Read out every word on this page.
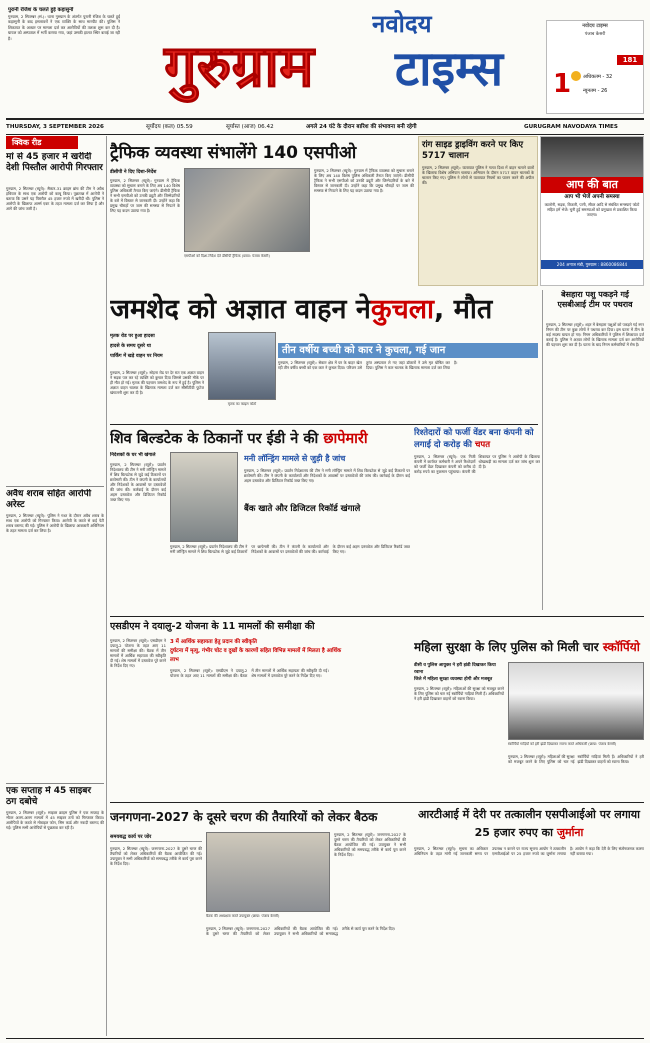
पुरानी रंजिश के चलते हुई कहासुनी
गुरुग्राम, 2 सितम्बर (सं.): थाना गुरुग्राम के अंतर्गत पुरानी रंजिश के चलते हुई कहासुनी के बाद हमलावरों ने एक व्यक्ति के साथ मारपीट की। पुलिस ने शिकायत के आधार पर मामला दर्ज कर आरोपियों की तलाश शुरू कर दी है। घायल को अस्पताल में भर्ती कराया गया, जहां उसकी हालत स्थिर बताई जा रही है।	गुरुग्राम
नवोदय
टाइम्स
नवोदय टाइम्स
पंजाब केसरी
181
1 अधिकतम - 32
न्यूनतम - 26
THURSDAY, 3 SEPTEMBER 2026	सूर्योदय (कल) 05.59	सूर्यास्त (आज) 06.42	अगले 24 घंटे के दौरान बारिश की संभावना बनी रहेगी	GURUGRAM NAVODAYA TIMES
क्विक रीड
मां से 45 हजार में खरीदी देशी पिस्तौल आरोपी गिरफ्तार
गुरुग्राम, 2 सितम्बर (ब्यूरो): सैक्टर-31 क्राइम ब्रांच की टीम ने अवैध हथियार के साथ एक आरोपी को काबू किया। पूछताछ में आरोपी ने बताया कि उसने यह पिस्तौल 45 हजार रुपये में खरीदी थी। पुलिस ने आरोपी के खिलाफ आर्म्स एक्ट के तहत मामला दर्ज कर लिया है और आगे की जांच जारी है।
अवैध शराब सहित आरोपी अरेस्ट
गुरुग्राम, 2 सितम्बर (ब्यूरो): पुलिस ने गश्त के दौरान अवैध शराब के साथ एक आरोपी को गिरफ्तार किया। आरोपी के कब्जे से कई पेटी शराब बरामद की गई। पुलिस ने आरोपी के खिलाफ आबकारी अधिनियम के तहत मामला दर्ज कर लिया है।
एक सप्ताह में 45 साइबर ठग दबोचे
गुरुग्राम, 2 सितम्बर (ब्यूरो): साइबर क्राइम पुलिस ने एक सप्ताह के भीतर अलग-अलग मामलों में 45 साइबर ठगों को गिरफ्तार किया। आरोपियों के कब्जे से मोबाइल फोन, सिम कार्ड और नकदी बरामद की गई। पुलिस सभी आरोपियों से पूछताछ कर रही है।
ट्रैफिक व्यवस्था संभालेंगे 140 एसपीओ
डीसीपी ने दिए दिशा-निर्देश
गुरुग्राम, 2 सितम्बर (ब्यूरो): गुरुग्राम में ट्रैफिक व्यवस्था को सुचारू बनाने के लिए अब 140 विशेष पुलिस अधिकारी तैनात किए जाएंगे। डीसीपी ट्रैफिक ने सभी एसपीओ को उनकी ड्यूटी और जिम्मेदारियों के बारे में विस्तार से जानकारी दी। उन्होंने कहा कि प्रमुख चौराहों पर जाम की समस्या से निपटने के लिए यह कदम उठाया गया है।
एसपीओ को दिशा-निर्देश देते डीसीपी ट्रैफिक (छाया: पंजाब केसरी)
गुरुग्राम, 2 सितम्बर (ब्यूरो): गुरुग्राम में ट्रैफिक व्यवस्था को सुचारू बनाने के लिए अब 140 विशेष पुलिस अधिकारी तैनात किए जाएंगे। डीसीपी ट्रैफिक ने सभी एसपीओ को उनकी ड्यूटी और जिम्मेदारियों के बारे में विस्तार से जानकारी दी। उन्होंने कहा कि प्रमुख चौराहों पर जाम की समस्या से निपटने के लिए यह कदम उठाया गया है।
रांग साइड ड्राइविंग करने पर किए 5717 चालान
गुरुग्राम, 2 सितम्बर (ब्यूरो): यातायात पुलिस ने गलत दिशा में वाहन चलाने वालों के खिलाफ विशेष अभियान चलाया। अभियान के दौरान 5717 वाहन चालकों के चालान किए गए। पुलिस ने लोगों से यातायात नियमों का पालन करने की अपील की।	आप की बात
आप भी भेजें अपनी समस्या
कालोनी, सड़क, बिजली, पानी, सीवर आदि से संबंधित समस्याएं फोटो सहित हमें भेजें। चुनी हुई समस्याओं को प्रमुखता से प्रकाशित किया जाएगा।
204 अनाज मंडी, गुरुग्राम : 8860086844
जमशेद को अज्ञात वाहन नेकुचला, मौत
मृतक रोड पर हुआ हादसा
हादसे के समय दूसरे था
पार्किंग में खड़े वाहन पर नियम
मृतक का फाइल फोटो
गुरुग्राम, 2 सितम्बर (ब्यूरो): सोहना रोड पर देर रात एक अज्ञात वाहन ने सड़क पार कर रहे व्यक्ति को कुचल दिया जिससे उसकी मौके पर ही मौत हो गई। मृतक की पहचान जमशेद के रूप में हुई है। पुलिस ने अज्ञात वाहन चालक के खिलाफ मामला दर्ज कर सीसीटीवी फुटेज खंगालनी शुरू कर दी है।
तीन वर्षीय बच्ची को कार ने कुचला, गई जान
गुरुग्राम, 2 सितम्बर (ब्यूरो): सेक्टर क्षेत्र में घर के बाहर खेल रही तीन वर्षीय बच्ची को एक कार ने कुचल दिया। परिजन उसे तुरंत अस्पताल ले गए जहां डॉक्टरों ने उसे मृत घोषित कर दिया। पुलिस ने कार चालक के खिलाफ मामला दर्ज कर लिया है।
बेसहारा पशु पकड़ने गई एसबीआई टीम पर पथराव
गुरुग्राम, 2 सितम्बर (ब्यूरो): शहर में बेसहारा पशुओं को पकड़ने गई नगर निगम की टीम पर कुछ लोगों ने पथराव कर दिया। इस घटना में टीम के कई सदस्य घायल हो गए। निगम अधिकारियों ने पुलिस में शिकायत दर्ज कराई है। पुलिस ने अज्ञात लोगों के खिलाफ मामला दर्ज कर आरोपियों की पहचान शुरू कर दी है। घटना के बाद निगम कर्मचारियों में रोष है।
शिव बिल्डटेक के ठिकानों पर ईडी ने की छापेमारी
निदेशकों के घर भी खंगाले
गुरुग्राम, 2 सितम्बर (ब्यूरो): प्रवर्तन निदेशालय की टीम ने मनी लॉन्ड्रिंग मामले में शिव बिल्डटेक से जुड़े कई ठिकानों पर छापेमारी की। टीम ने कंपनी के कार्यालयों और निदेशकों के आवासों पर दस्तावेजों की जांच की। कार्रवाई के दौरान कई अहम दस्तावेज और डिजिटल रिकॉर्ड जब्त किए गए।
मनी लॉन्ड्रिंग मामले से जुड़ी है जांच
गुरुग्राम, 2 सितम्बर (ब्यूरो): प्रवर्तन निदेशालय की टीम ने मनी लॉन्ड्रिंग मामले में शिव बिल्डटेक से जुड़े कई ठिकानों पर छापेमारी की। टीम ने कंपनी के कार्यालयों और निदेशकों के आवासों पर दस्तावेजों की जांच की। कार्रवाई के दौरान कई अहम दस्तावेज और डिजिटल रिकॉर्ड जब्त किए गए।
बैंक खाते और डिजिटल रिकॉर्ड खंगाले
गुरुग्राम, 2 सितम्बर (ब्यूरो): प्रवर्तन निदेशालय की टीम ने मनी लॉन्ड्रिंग मामले में शिव बिल्डटेक से जुड़े कई ठिकानों पर छापेमारी की। टीम ने कंपनी के कार्यालयों और निदेशकों के आवासों पर दस्तावेजों की जांच की। कार्रवाई के दौरान कई अहम दस्तावेज और डिजिटल रिकॉर्ड जब्त किए गए।
रिश्तेदारों को फर्जी वेंडर बना कंपनी को लगाई दो करोड़ की चपत
गुरुग्राम, 2 सितम्बर (ब्यूरो): एक निजी कंपनी में कार्यरत कर्मचारी ने अपने रिश्तेदारों को फर्जी वेंडर दिखाकर कंपनी को करीब दो करोड़ रुपये का नुकसान पहुंचाया। कंपनी की शिकायत पर पुलिस ने आरोपी के खिलाफ धोखाधड़ी का मामला दर्ज कर जांच शुरू कर दी है।
एसडीएम ने दयालु-2 योजना के 11 मामलों की समीक्षा की
3 में आर्थिक सहायता हेतु प्रदान की स्वीकृति
दुर्घटना में मृत्यु, गंभीर चोट व दुखों के कारणों सहित विभिन्न मामलों में मिलता है आर्थिक लाभ
गुरुग्राम, 2 सितम्बर (ब्यूरो): एसडीएम ने दयालु-2 योजना के तहत आए 11 मामलों की समीक्षा की। बैठक में तीन मामलों में आर्थिक सहायता की स्वीकृति दी गई। शेष मामलों में दस्तावेज पूरे करने के निर्देश दिए गए।
गुरुग्राम, 2 सितम्बर (ब्यूरो): एसडीएम ने दयालु-2 योजना के तहत आए 11 मामलों की समीक्षा की। बैठक में तीन मामलों में आर्थिक सहायता की स्वीकृति दी गई। शेष मामलों में दस्तावेज पूरे करने के निर्देश दिए गए।
महिला सुरक्षा के लिए पुलिस को मिली चार स्कॉर्पियो
डीसी व पुलिस आयुक्त ने हरी झंडी दिखाकर किया रवाना
जिले में महिला सुरक्षा व्यवस्था होगी और मजबूत
गुरुग्राम, 2 सितम्बर (ब्यूरो): महिलाओं की सुरक्षा को मजबूत करने के लिए पुलिस को चार नई स्कॉर्पियो गाड़ियां मिली हैं। अधिकारियों ने हरी झंडी दिखाकर वाहनों को रवाना किया।
स्कॉर्पियो गाड़ियों को हरी झंडी दिखाकर रवाना करते अधिकारी (छाया: पंजाब केसरी)
गुरुग्राम, 2 सितम्बर (ब्यूरो): महिलाओं की सुरक्षा को मजबूत करने के लिए पुलिस को चार नई स्कॉर्पियो गाड़ियां मिली हैं। अधिकारियों ने हरी झंडी दिखाकर वाहनों को रवाना किया।
जनगणना-2027 के दूसरे चरण की तैयारियों को लेकर बैठक
समयबद्ध कार्य पर जोर
गुरुग्राम, 2 सितम्बर (ब्यूरो): जनगणना-2027 के दूसरे चरण की तैयारियों को लेकर अधिकारियों की बैठक आयोजित की गई। उपायुक्त ने सभी अधिकारियों को समयबद्ध तरीके से कार्य पूरा करने के निर्देश दिए।
बैठक की अध्यक्षता करते उपायुक्त (छाया: पंजाब केसरी)
गुरुग्राम, 2 सितम्बर (ब्यूरो): जनगणना-2027 के दूसरे चरण की तैयारियों को लेकर अधिकारियों की बैठक आयोजित की गई। उपायुक्त ने सभी अधिकारियों को समयबद्ध तरीके से कार्य पूरा करने के निर्देश दिए।
गुरुग्राम, 2 सितम्बर (ब्यूरो): जनगणना-2027 के दूसरे चरण की तैयारियों को लेकर अधिकारियों की बैठक आयोजित की गई। उपायुक्त ने सभी अधिकारियों को समयबद्ध तरीके से कार्य पूरा करने के निर्देश दिए।
आरटीआई में देरी पर तत्कालीन एसपीआईओ पर लगाया 25 हजार रुपए का जुर्माना
गुरुग्राम, 2 सितम्बर (ब्यूरो): सूचना का अधिकार अधिनियम के तहत मांगी गई जानकारी समय पर उपलब्ध न कराने पर राज्य सूचना आयोग ने तत्कालीन एसपीआईओ पर 25 हजार रुपये का जुर्माना लगाया है। आयोग ने कहा कि देरी के लिए संतोषजनक कारण नहीं बताया गया।
